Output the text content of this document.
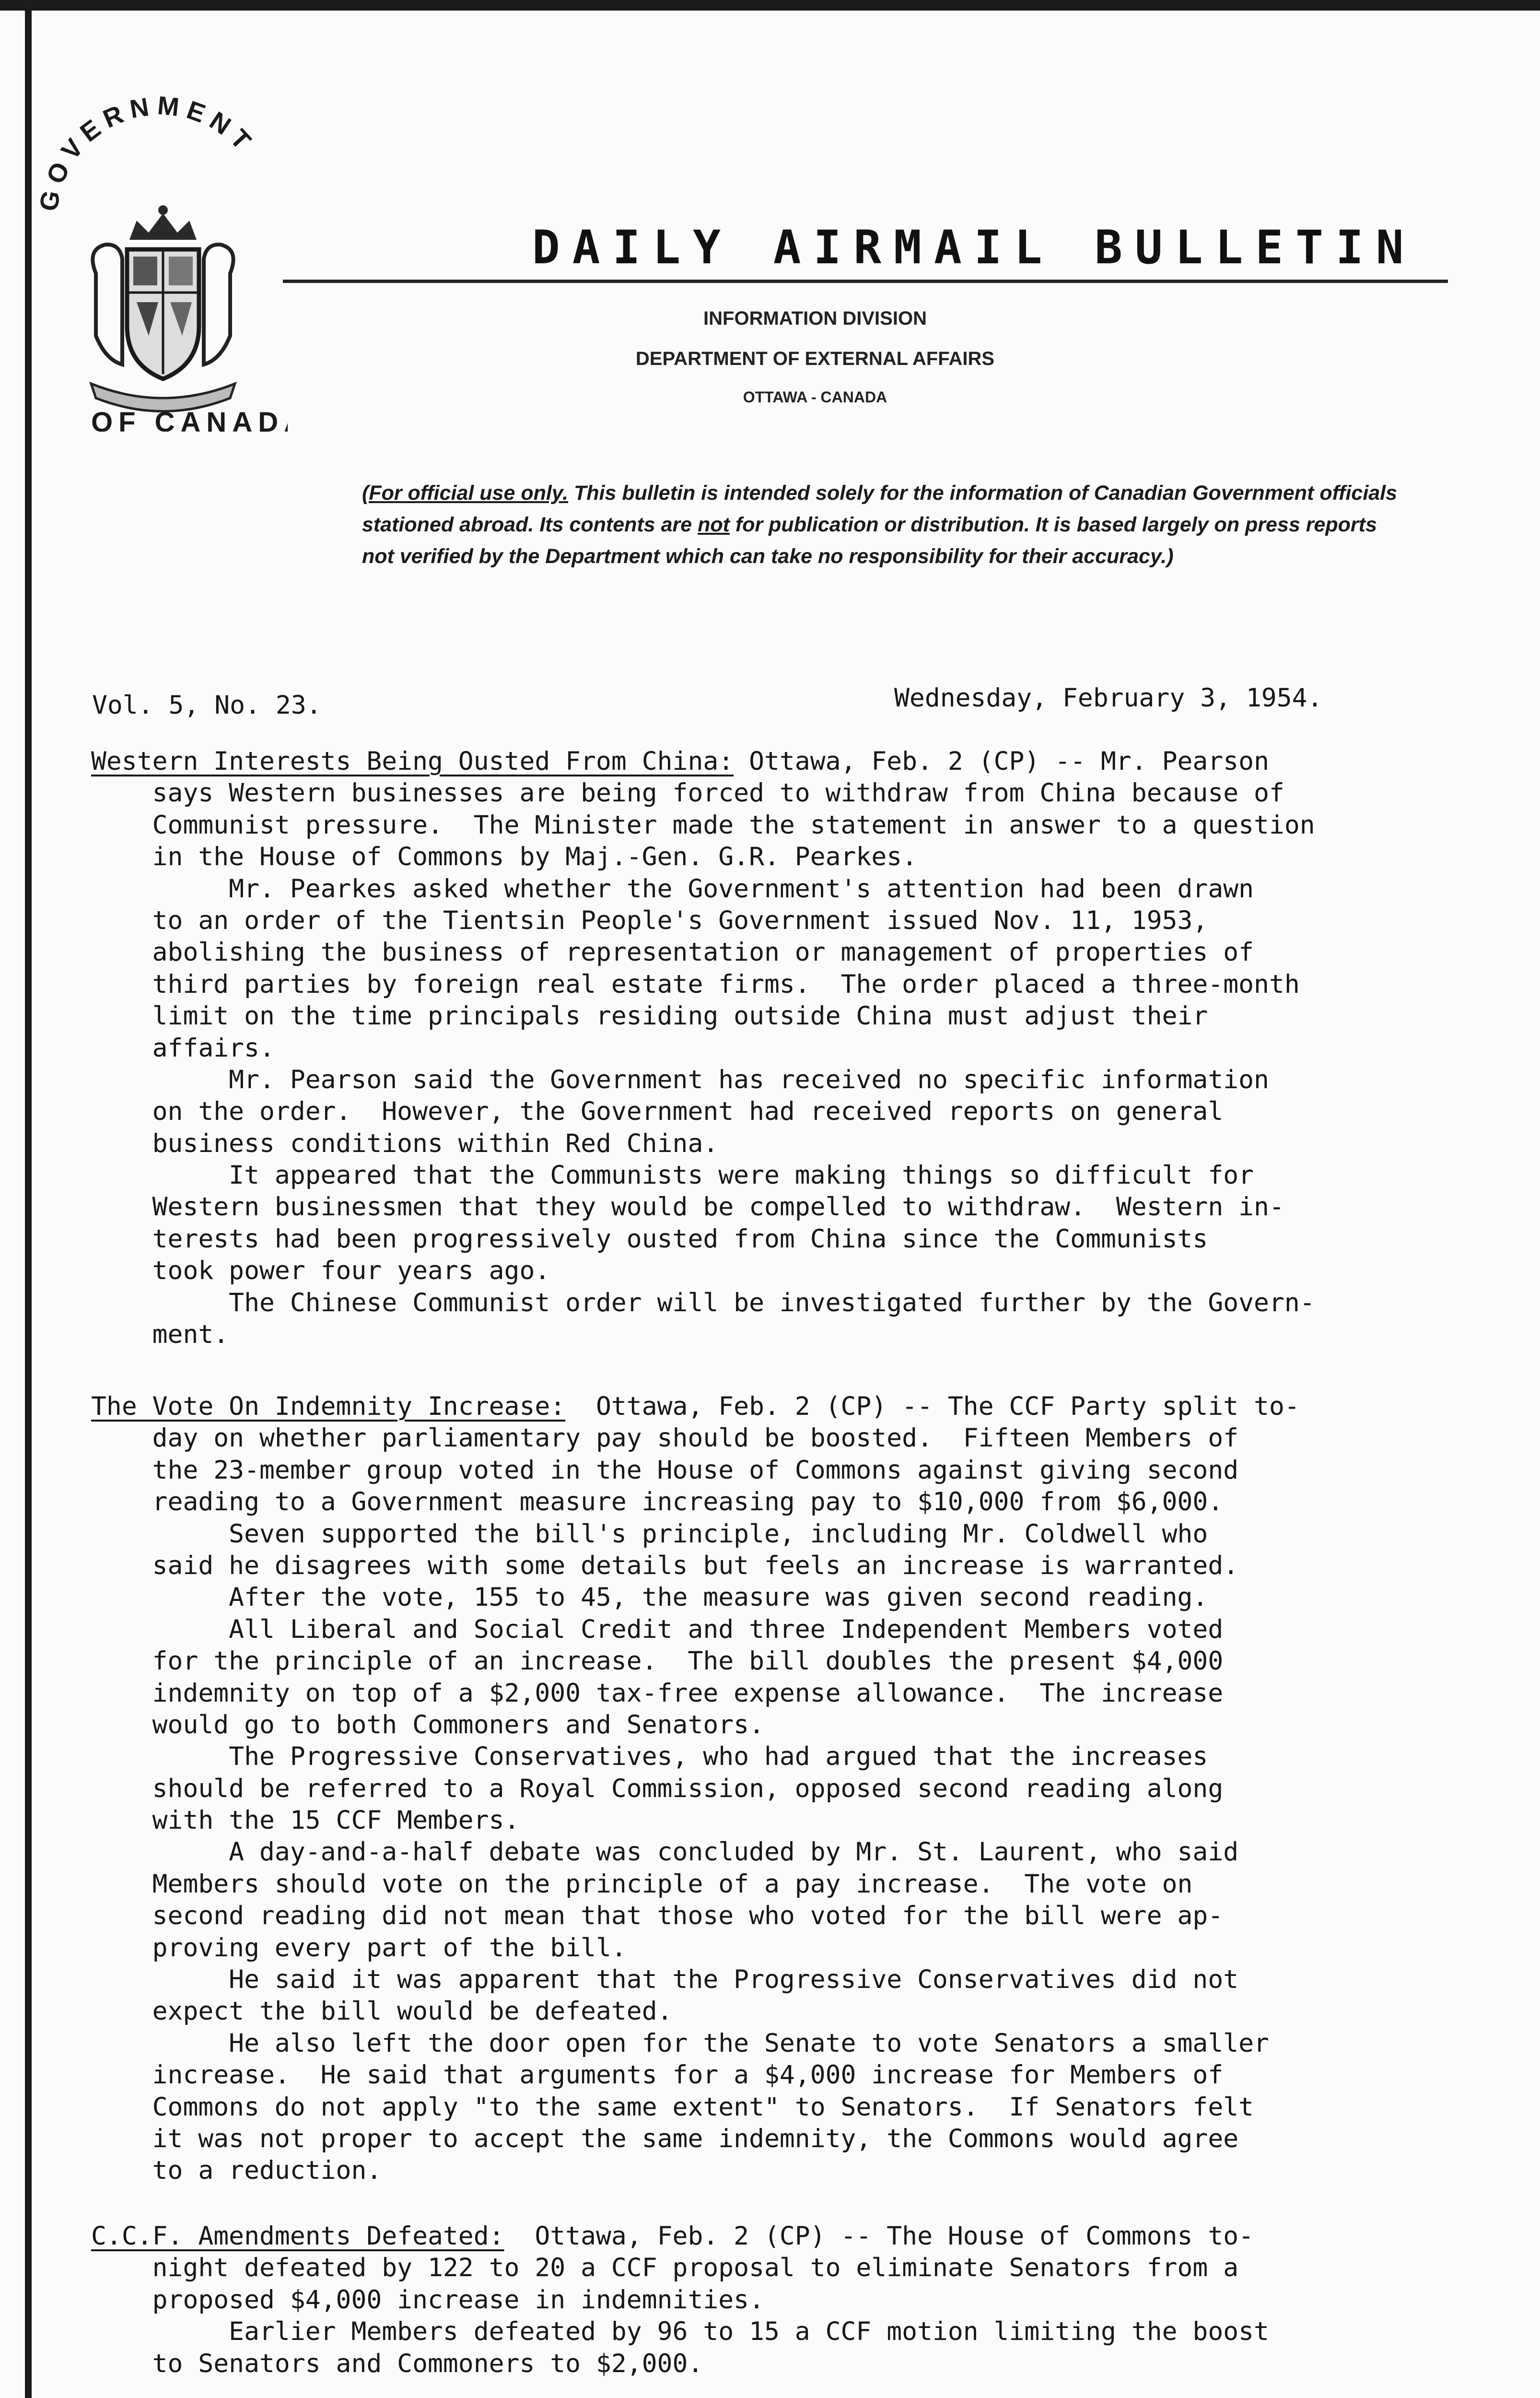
OVERNMENT
OF CANAD
DAILY AIRMAIL BULLETIN
INFORMATION DIVISION
DEPARTMENT OF EXTERNAL AFFAIRS
OTTAWA - CANADA
(For official use only. This bulletin is intended solely for the information of Canadian Government officials stationed abroad. Its contents are not for publication or distribution. It is based largely on press reports not verified by the Department which can take no responsibility for their accuracy.)
Vol. 5, No. 23.	Wednesday, February 3, 1954.
Western Interests Being Ousted From China: Ottawa, Feb. 2 (CP) -- Mr. Pearson
says Western businesses are being forced to withdraw from China because of
Communist pressure.  The Minister made the statement in answer to a question
in the House of Commons by Maj.-Gen. G.R. Pearkes.
Mr. Pearkes asked whether the Government's attention had been drawn
to an order of the Tientsin People's Government issued Nov. 11, 1953,
abolishing the business of representation or management of properties of
third parties by foreign real estate firms.  The order placed a three-month
limit on the time principals residing outside China must adjust their
affairs.
Mr. Pearson said the Government has received no specific information
on the order.  However, the Government had received reports on general
business conditions within Red China.
It appeared that the Communists were making things so difficult for
Western businessmen that they would be compelled to withdraw.  Western in-
terests had been progressively ousted from China since the Communists
took power four years ago.
The Chinese Communist order will be investigated further by the Govern-
ment.
The Vote On Indemnity Increase:  Ottawa, Feb. 2 (CP) -- The CCF Party split to-
day on whether parliamentary pay should be boosted.  Fifteen Members of
the 23-member group voted in the House of Commons against giving second
reading to a Government measure increasing pay to $10,000 from $6,000.
Seven supported the bill's principle, including Mr. Coldwell who
said he disagrees with some details but feels an increase is warranted.
After the vote, 155 to 45, the measure was given second reading.
All Liberal and Social Credit and three Independent Members voted
for the principle of an increase.  The bill doubles the present $4,000
indemnity on top of a $2,000 tax-free expense allowance.  The increase
would go to both Commoners and Senators.
The Progressive Conservatives, who had argued that the increases
should be referred to a Royal Commission, opposed second reading along
with the 15 CCF Members.
A day-and-a-half debate was concluded by Mr. St. Laurent, who said
Members should vote on the principle of a pay increase.  The vote on
second reading did not mean that those who voted for the bill were ap-
proving every part of the bill.
He said it was apparent that the Progressive Conservatives did not
expect the bill would be defeated.
He also left the door open for the Senate to vote Senators a smaller
increase.  He said that arguments for a $4,000 increase for Members of
Commons do not apply "to the same extent" to Senators.  If Senators felt
it was not proper to accept the same indemnity, the Commons would agree
to a reduction.
C.C.F. Amendments Defeated:  Ottawa, Feb. 2 (CP) -- The House of Commons to-
night defeated by 122 to 20 a CCF proposal to eliminate Senators from a
proposed $4,000 increase in indemnities.
Earlier Members defeated by 96 to 15 a CCF motion limiting the boost
to Senators and Commoners to $2,000.
